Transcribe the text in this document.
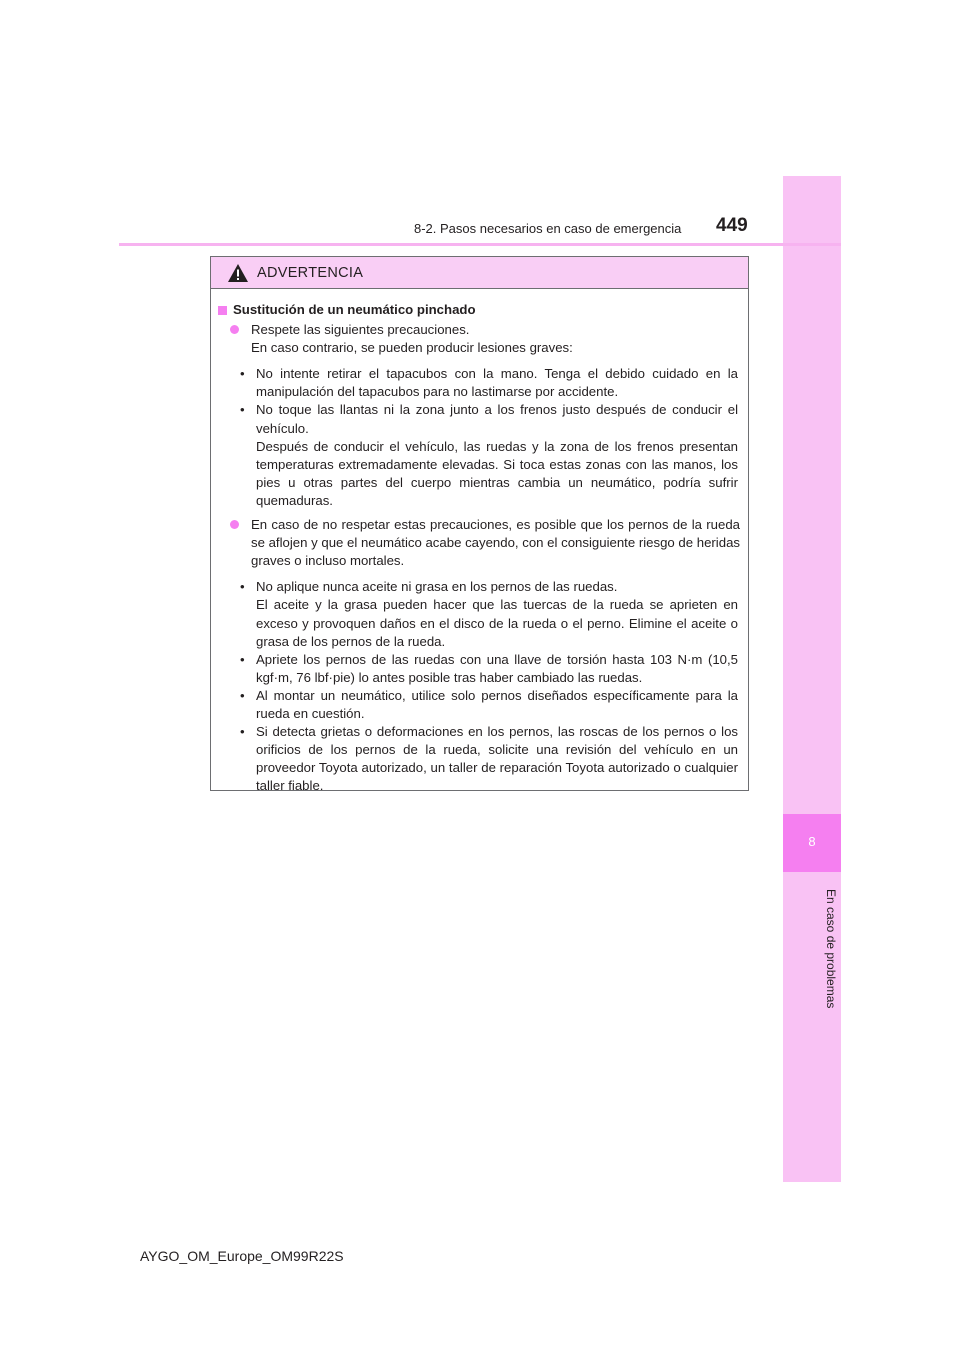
8
En caso de problemas
8-2. Pasos necesarios en caso de emergencia 449
ADVERTENCIA
Sustitución de un neumático pinchado
Respete las siguientes precauciones.
En caso contrario, se pueden producir lesiones graves:
• No intente retirar el tapacubos con la mano. Tenga el debido cuidado en la manipulación del tapacubos para no lastimarse por accidente.

• No toque las llantas ni la zona junto a los frenos justo después de conducir el vehículo.

Después de conducir el vehículo, las ruedas y la zona de los frenos presentan temperaturas extremadamente elevadas. Si toca estas zonas con las manos, los pies u otras partes del cuerpo mientras cambia un neumático, podría sufrir quemaduras.

En caso de no respetar estas precauciones, es posible que los pernos de la rueda se aflojen y que el neumático acabe cayendo, con el consiguiente riesgo de heridas graves o incluso mortales.
• No aplique nunca aceite ni grasa en los pernos de las ruedas.

El aceite y la grasa pueden hacer que las tuercas de la rueda se aprieten en exceso y provoquen daños en el disco de la rueda o el perno. Elimine el aceite o grasa de los pernos de la rueda.

• Apriete los pernos de las ruedas con una llave de torsión hasta 103 N·m (10,5 kgf·m, 76 lbf·pie) lo antes posible tras haber cambiado las ruedas.

• Al montar un neumático, utilice solo pernos diseñados específicamente para la rueda en cuestión.

• Si detecta grietas o deformaciones en los pernos, las roscas de los pernos o los orificios de los pernos de la rueda, solicite una revisión del vehículo en un proveedor Toyota autorizado, un taller de reparación Toyota autorizado o cualquier taller fiable.

AYGO_OM_Europe_OM99R22S
